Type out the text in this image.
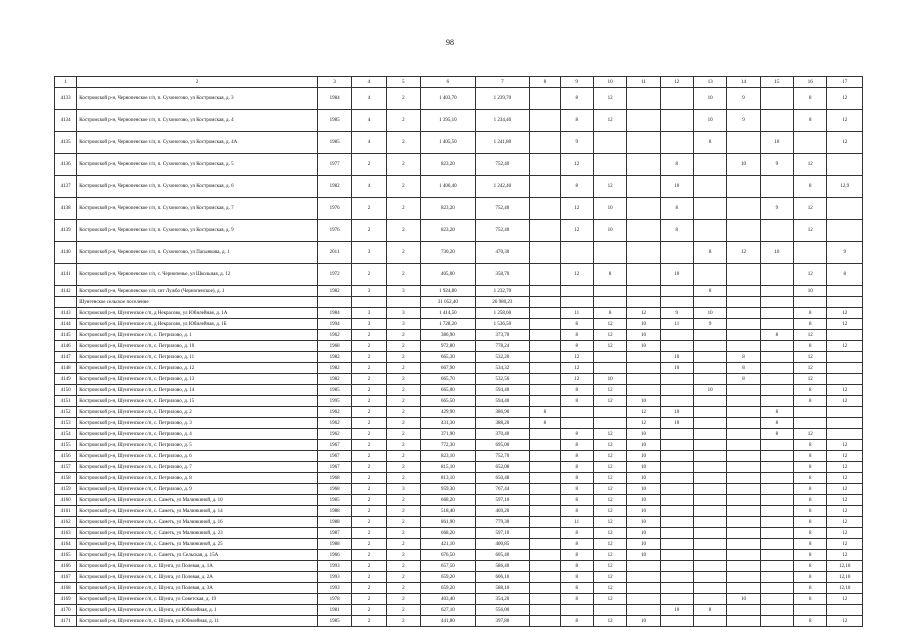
98
1	2	3	4	5	6	7	8	9	10	11	12	13	14	15	16	17
4133	Костромской р-н, Чернопенское с/п, п. Сухоногово, ул Костромская, д. 3	1984	4	2	1 403,70	1 239,70		8	12			10	9		8	12
4134	Костромской р-н, Чернопенское с/п, п. Сухоногово, ул Костромская, д. 4	1985	4	2	1 395,10	1 234,40		8	12			10	9		8	12
4135	Костромской р-н, Чернопенское с/п, п. Сухоногово, ул Костромская, д. 4А	1985	4	2	1 405,50	1 241,80		9				8		10		12
4136	Костромской р-н, Чернопенское с/п, п. Сухоногово, ул Костромская, д. 5	1977	2	2	823,20	752,40		12			8		10	9	12	
4137	Костромской р-н, Чернопенское с/п, п. Сухоногово, ул Костромская, д. 6	1982	4	2	1 406,40	1 242,40		8	12		10				8	12,9
4138	Костромской р-н, Чернопенское с/п, п. Сухоногово, ул Костромская, д. 7	1976	2	2	823,20	752,40		12	10		8			9	12	
4139	Костромской р-н, Чернопенское с/п, п. Сухоногово, ул Костромская, д. 9	1976	2	2	823,20	752,40		12	10		8				12	
4140	Костромской р-н, Чернопенское с/п, п. Сухоногово, ул Пасынкова, д. 1	2011	3	2	730,20	470,30						8	12	10		9
4141	Костромской р-н, Чернопенское с/п, с. Чернопенье, ул Школьная, д. 12	1972	2	2	405,00	358,70		12	8		10				12	8
4142	Костромской р-н, Чернопенское с/п, снт Лужбо (Чернопенское), д. 1	1982	3	3	1 924,80	1 232,70						8			10	
	Шунгенское сельское поселение				31 052,40	26 980,23										
4143	Костромской р-н, Шунгенское с/п, д Некрасово, ул Юбилейная, д. 1А	1984	3	3	1 414,50	1 258,60		11	8	12	9	10			8	12
4144	Костромской р-н, Шунгенское с/п, д Некрасово, ул Юбилейная, д. 1Б	1994	3	3	1 728,20	1 536,50		8	12	10	11	9			8	12
4145	Костромской р-н, Шунгенское с/п, с. Петрилово, д. 1	1962	2	2	386,90	373,70		8	12	10				8	12	
4146	Костромской р-н, Шунгенское с/п, с. Петрилово, д. 10	1968	2	2	972,80	778,24		8	12	10					8	12
4147	Костромской р-н, Шунгенское с/п, с. Петрилово, д. 11	1982	2	2	665,30	532,20		12			10		8		12	
4148	Костромской р-н, Шунгенское с/п, с. Петрилово, д. 12	1982	2	2	667,90	534,32		12			10		8		12	
4149	Костромской р-н, Шунгенское с/п, с. Петрилово, д. 13	1982	2	2	665,70	532,56		12	10				8		12	
4150	Костромской р-н, Шунгенское с/п, с. Петрилово, д. 14	1985	2	2	665,00	594,40		8	12			10			8	12
4151	Костромской р-н, Шунгенское с/п, с. Петрилово, д. 15	1995	2	2	665,50	594,40		8	12	10					8	12
4152	Костромской р-н, Шунгенское с/п, с. Петрилово, д. 2	1962	2	2	429,90	386,90	8			12	10			8		
4153	Костромской р-н, Шунгенское с/п, с. Петрилово, д. 3	1962	2	2	431,30	388,20	8			12	10			8		
4154	Костромской р-н, Шунгенское с/п, с. Петрилово, д. 4	1962	2	2	371,90	370,40		8	12	10				8	12	
4155	Костромской р-н, Шунгенское с/п, с. Петрилово, д. 5	1967	2	2	772,30	695,00		8	12	10					8	12
4156	Костромской р-н, Шунгенское с/п, с. Петрилово, д. 6	1967	2	2	823,10	752,70		8	12	10					8	12
4157	Костромской р-н, Шунгенское с/п, с. Петрилово, д. 7	1967	2	2	815,10	652,08		8	12	10					8	12
4158	Костромской р-н, Шунгенское с/п, с. Петрилово, д. 8	1968	2	2	813,10	650,48		8	12	10					8	12
4159	Костромской р-н, Шунгенское с/п, с. Петрилово, д. 9	1968	2	3	959,30	767,44		8	12	10					8	12
4160	Костромской р-н, Шунгенское с/п, с. Саметь, ул Малинкиной, д. 10	1985	2	2	668,20	597,10		8	12	10					8	12
4161	Костромской р-н, Шунгенское с/п, с. Саметь, ул Малинкиной, д. 14	1988	2	2	518,40	469,20		8	12	10					8	12
4162	Костромской р-н, Шунгенское с/п, с. Саметь, ул Малинкиной, д. 16	1988	2	2	861,90	779,30		11	12	10					8	12
4163	Костромской р-н, Шунгенское с/п, с. Саметь, ул Малинкиной, д. 23	1987	2	2	668,20	597,10		8	12	10					8	12
4164	Костромской р-н, Шунгенское с/п, с. Саметь, ул Малинкиной, д. 25	1988	2	2	421,10	400,85		8	12	10					8	12
4165	Костромской р-н, Шунгенское с/п, с. Саметь, ул Сельская, д. 15А	1966	2	2	676,50	605,40		8	12	10					8	12
4166	Костромской р-н, Шунгенское с/п, с. Шунга, ул Полевая, д. 1А	1993	2	2	657,50	586,40		8	12						8	12,10
4167	Костромской р-н, Шунгенское с/п, с. Шунга, ул Полевая, д. 2А	1993	2	2	659,20	606,10		8	12						8	12,10
4168	Костромской р-н, Шунгенское с/п, с. Шунга, ул Полевая, д. 3А	1993	2	2	659,20	588,10		8	12						8	12,10
4169	Костромской р-н, Шунгенское с/п, с. Шунга, ул Советская, д. 19	1978	2	2	403,40	354,20		8	12				10		8	12
4170	Костромской р-н, Шунгенское с/п, с. Шунга, ул Юбилейная, д. 1	1981	2	2	627,10	556,00					10	8				
4171	Костромской р-н, Шунгенское с/п, с. Шунга, ул Юбилейная, д. 11	1985	2	2	441,80	397,80		8	12	10					8	12
